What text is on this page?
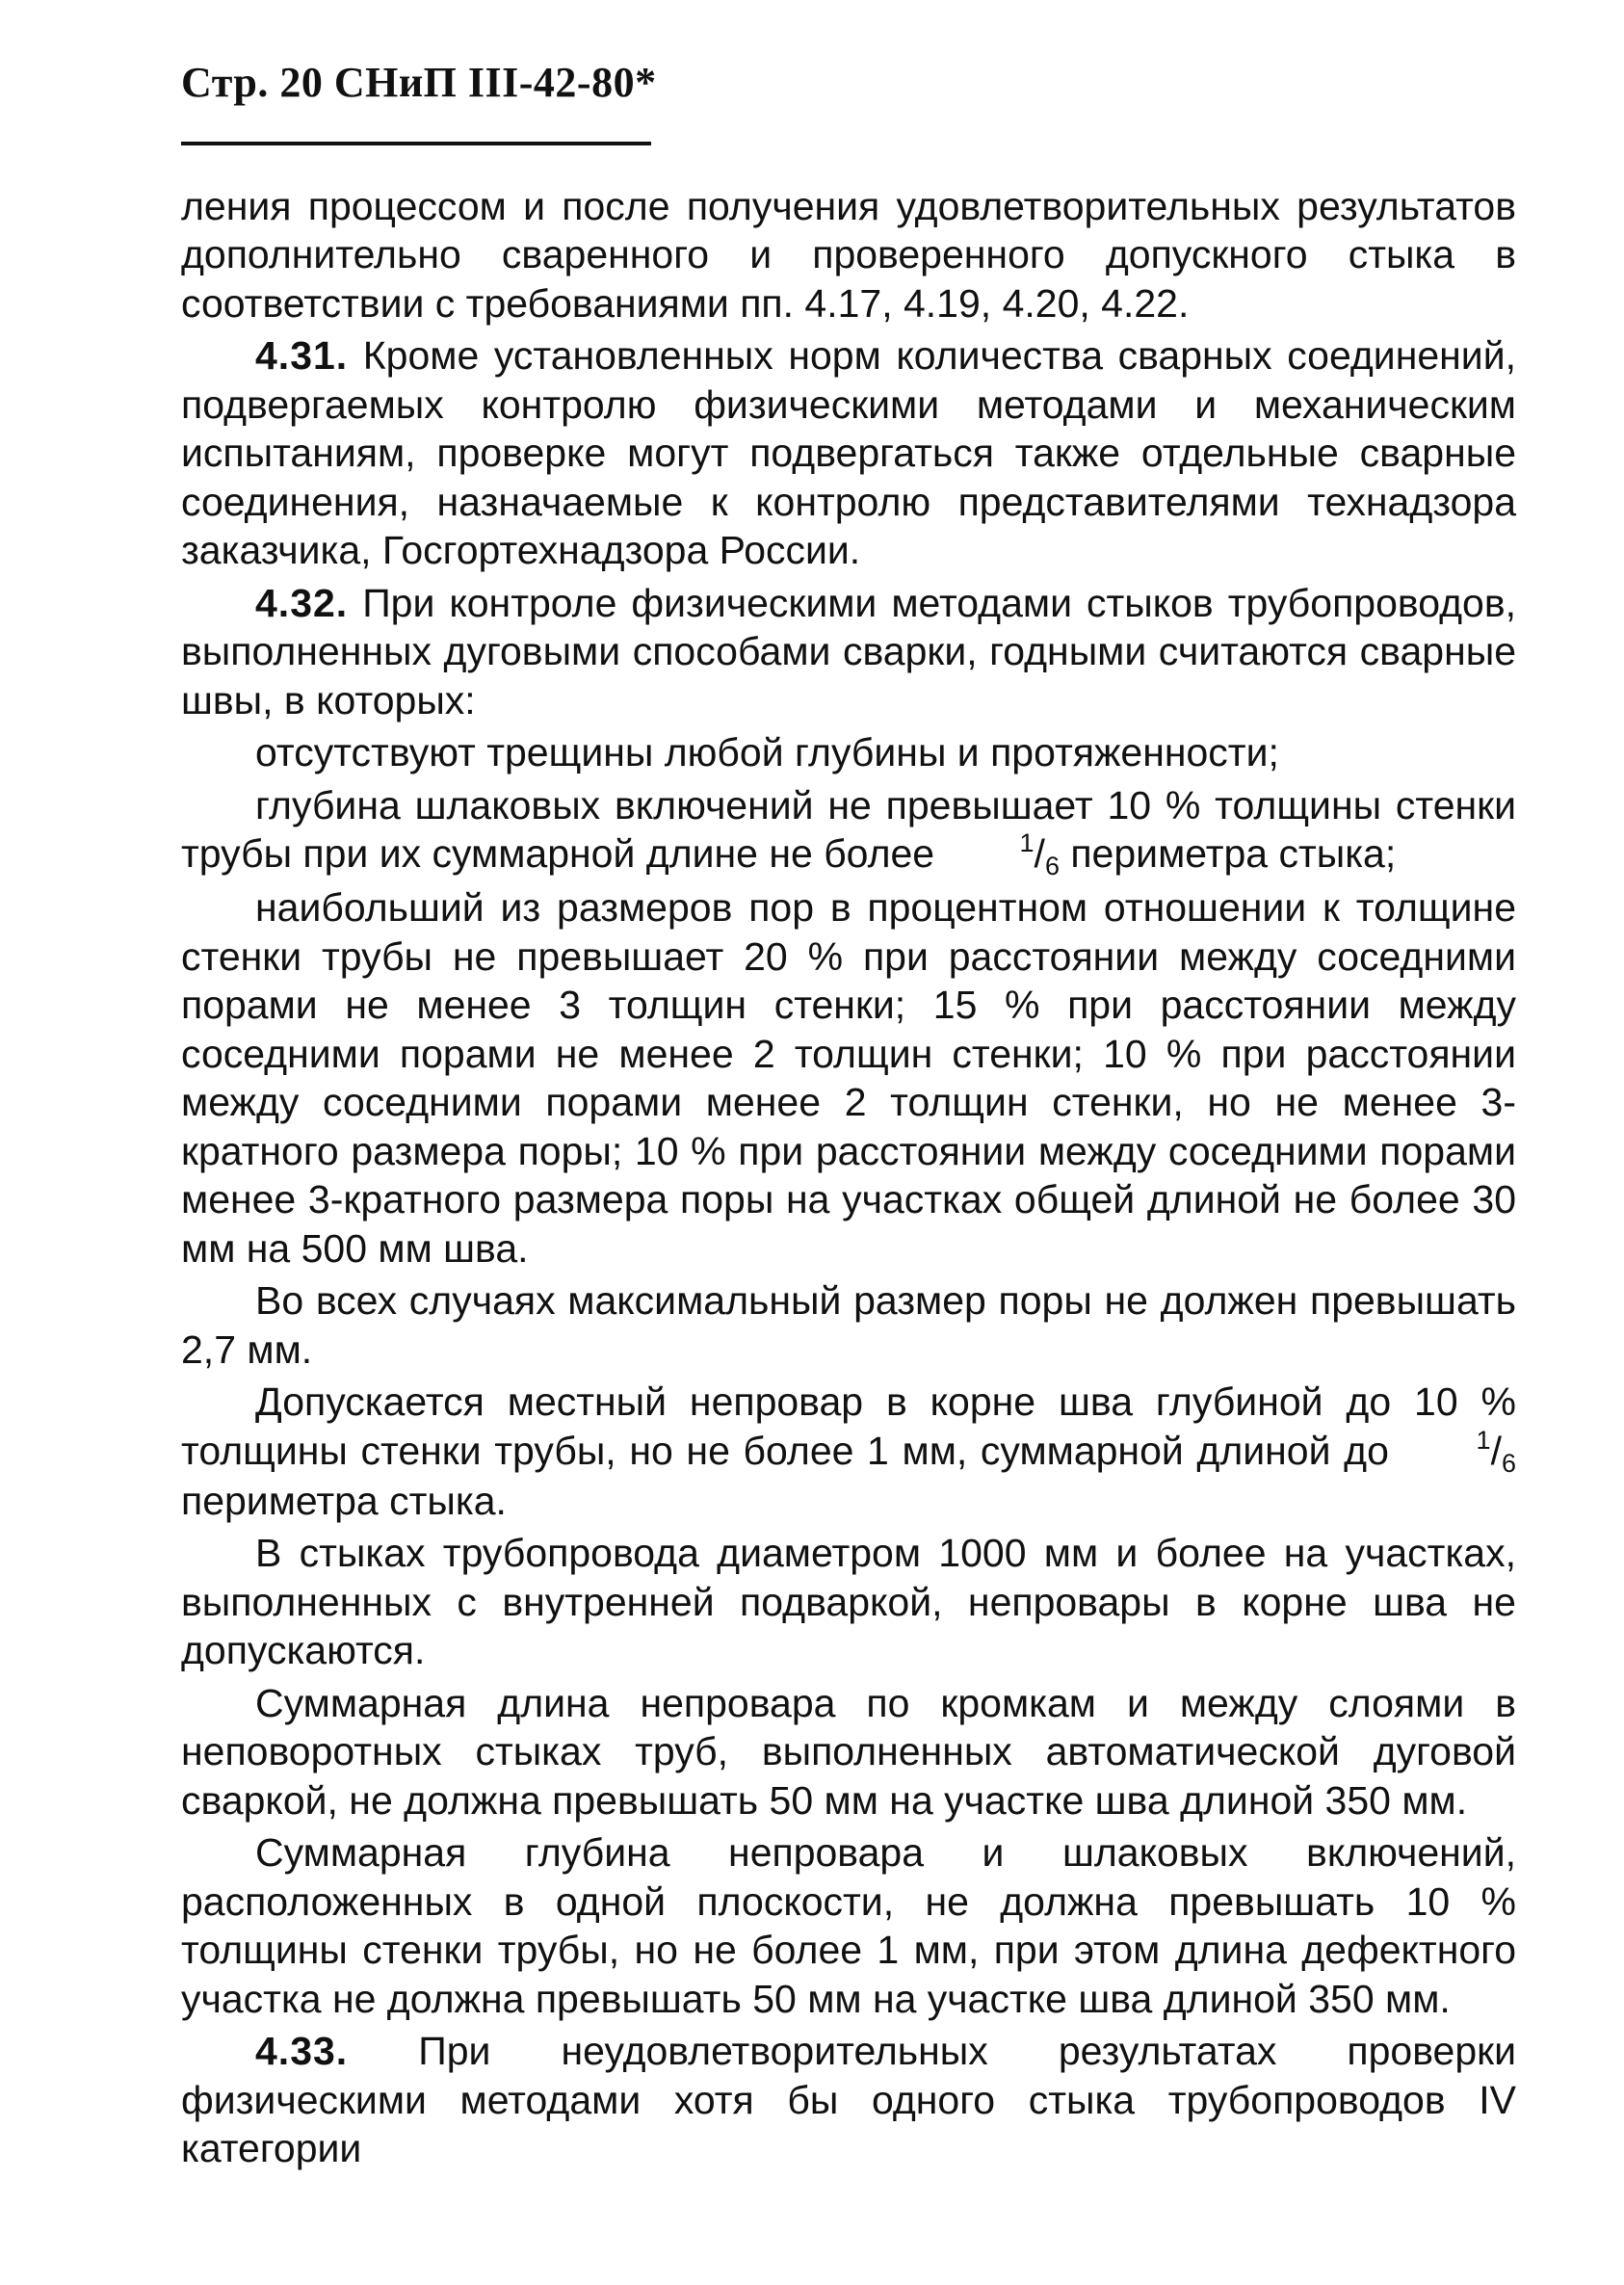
Стр. 20 СНиП III-42-80*

ления процессом и после получения удовлетворительных результатов дополнительно сваренного и проверенного допускного стыка в соответствии с требованиями пп. 4.17, 4.19, 4.20, 4.22.

4.31. Кроме установленных норм количества сварных соединений, подвергаемых контролю физическими методами и механическим испытаниям, проверке могут подвергаться также отдельные сварные соединения, назначаемые к контролю представителями технадзора заказчика, Госгортехнадзора России.

4.32. При контроле физическими методами стыков трубопроводов, выполненных дуговыми способами сварки, годными считаются сварные швы, в которых:

отсутствуют трещины любой глубины и протяженности;

глубина шлаковых включений не превышает 10 % толщины стенки трубы при их суммарной длине не более	$^1$/6 периметра стыка;

наибольший из размеров пор в процентном отношении к толщине стенки трубы не превышает 20 % при расстоянии между соседними порами не менее 3 толщин стенки; 15 % при расстоянии между соседними порами не менее 2 толщин стенки; 10 % при расстоянии между соседними порами менее 2 толщин стенки, но не менее 3-кратного размера поры; 10 % при расстоянии между соседними порами менее 3-кратного размера поры на участках общей длиной не более 30 мм на 500 мм шва.

Во всех случаях максимальный размер поры не должен превышать 2,7 мм.

Допускается местный непровар в корне шва глубиной до 10 % толщины стенки трубы, но не более 1 мм, суммарной длиной до	$^1$/6 периметра стыка.

В стыках трубопровода диаметром 1000 мм и более на участках, выполненных с внутренней подваркой, непровары в корне шва не допускаются.

Суммарная длина непровара по кромкам и между слоями в неповоротных стыках труб, выполненных автоматической дуговой сваркой, не должна превышать 50 мм на участке шва длиной 350 мм.

Суммарная глубина непровара и шлаковых включений, расположенных в одной плоскости, не должна превышать 10 % толщины стенки трубы, но не более 1 мм, при этом длина дефектного участка не должна превышать 50 мм на участке шва длиной 350 мм.

4.33. При неудовлетворительных результатах проверки физическими методами хотя бы одного стыка трубопроводов IV категории
